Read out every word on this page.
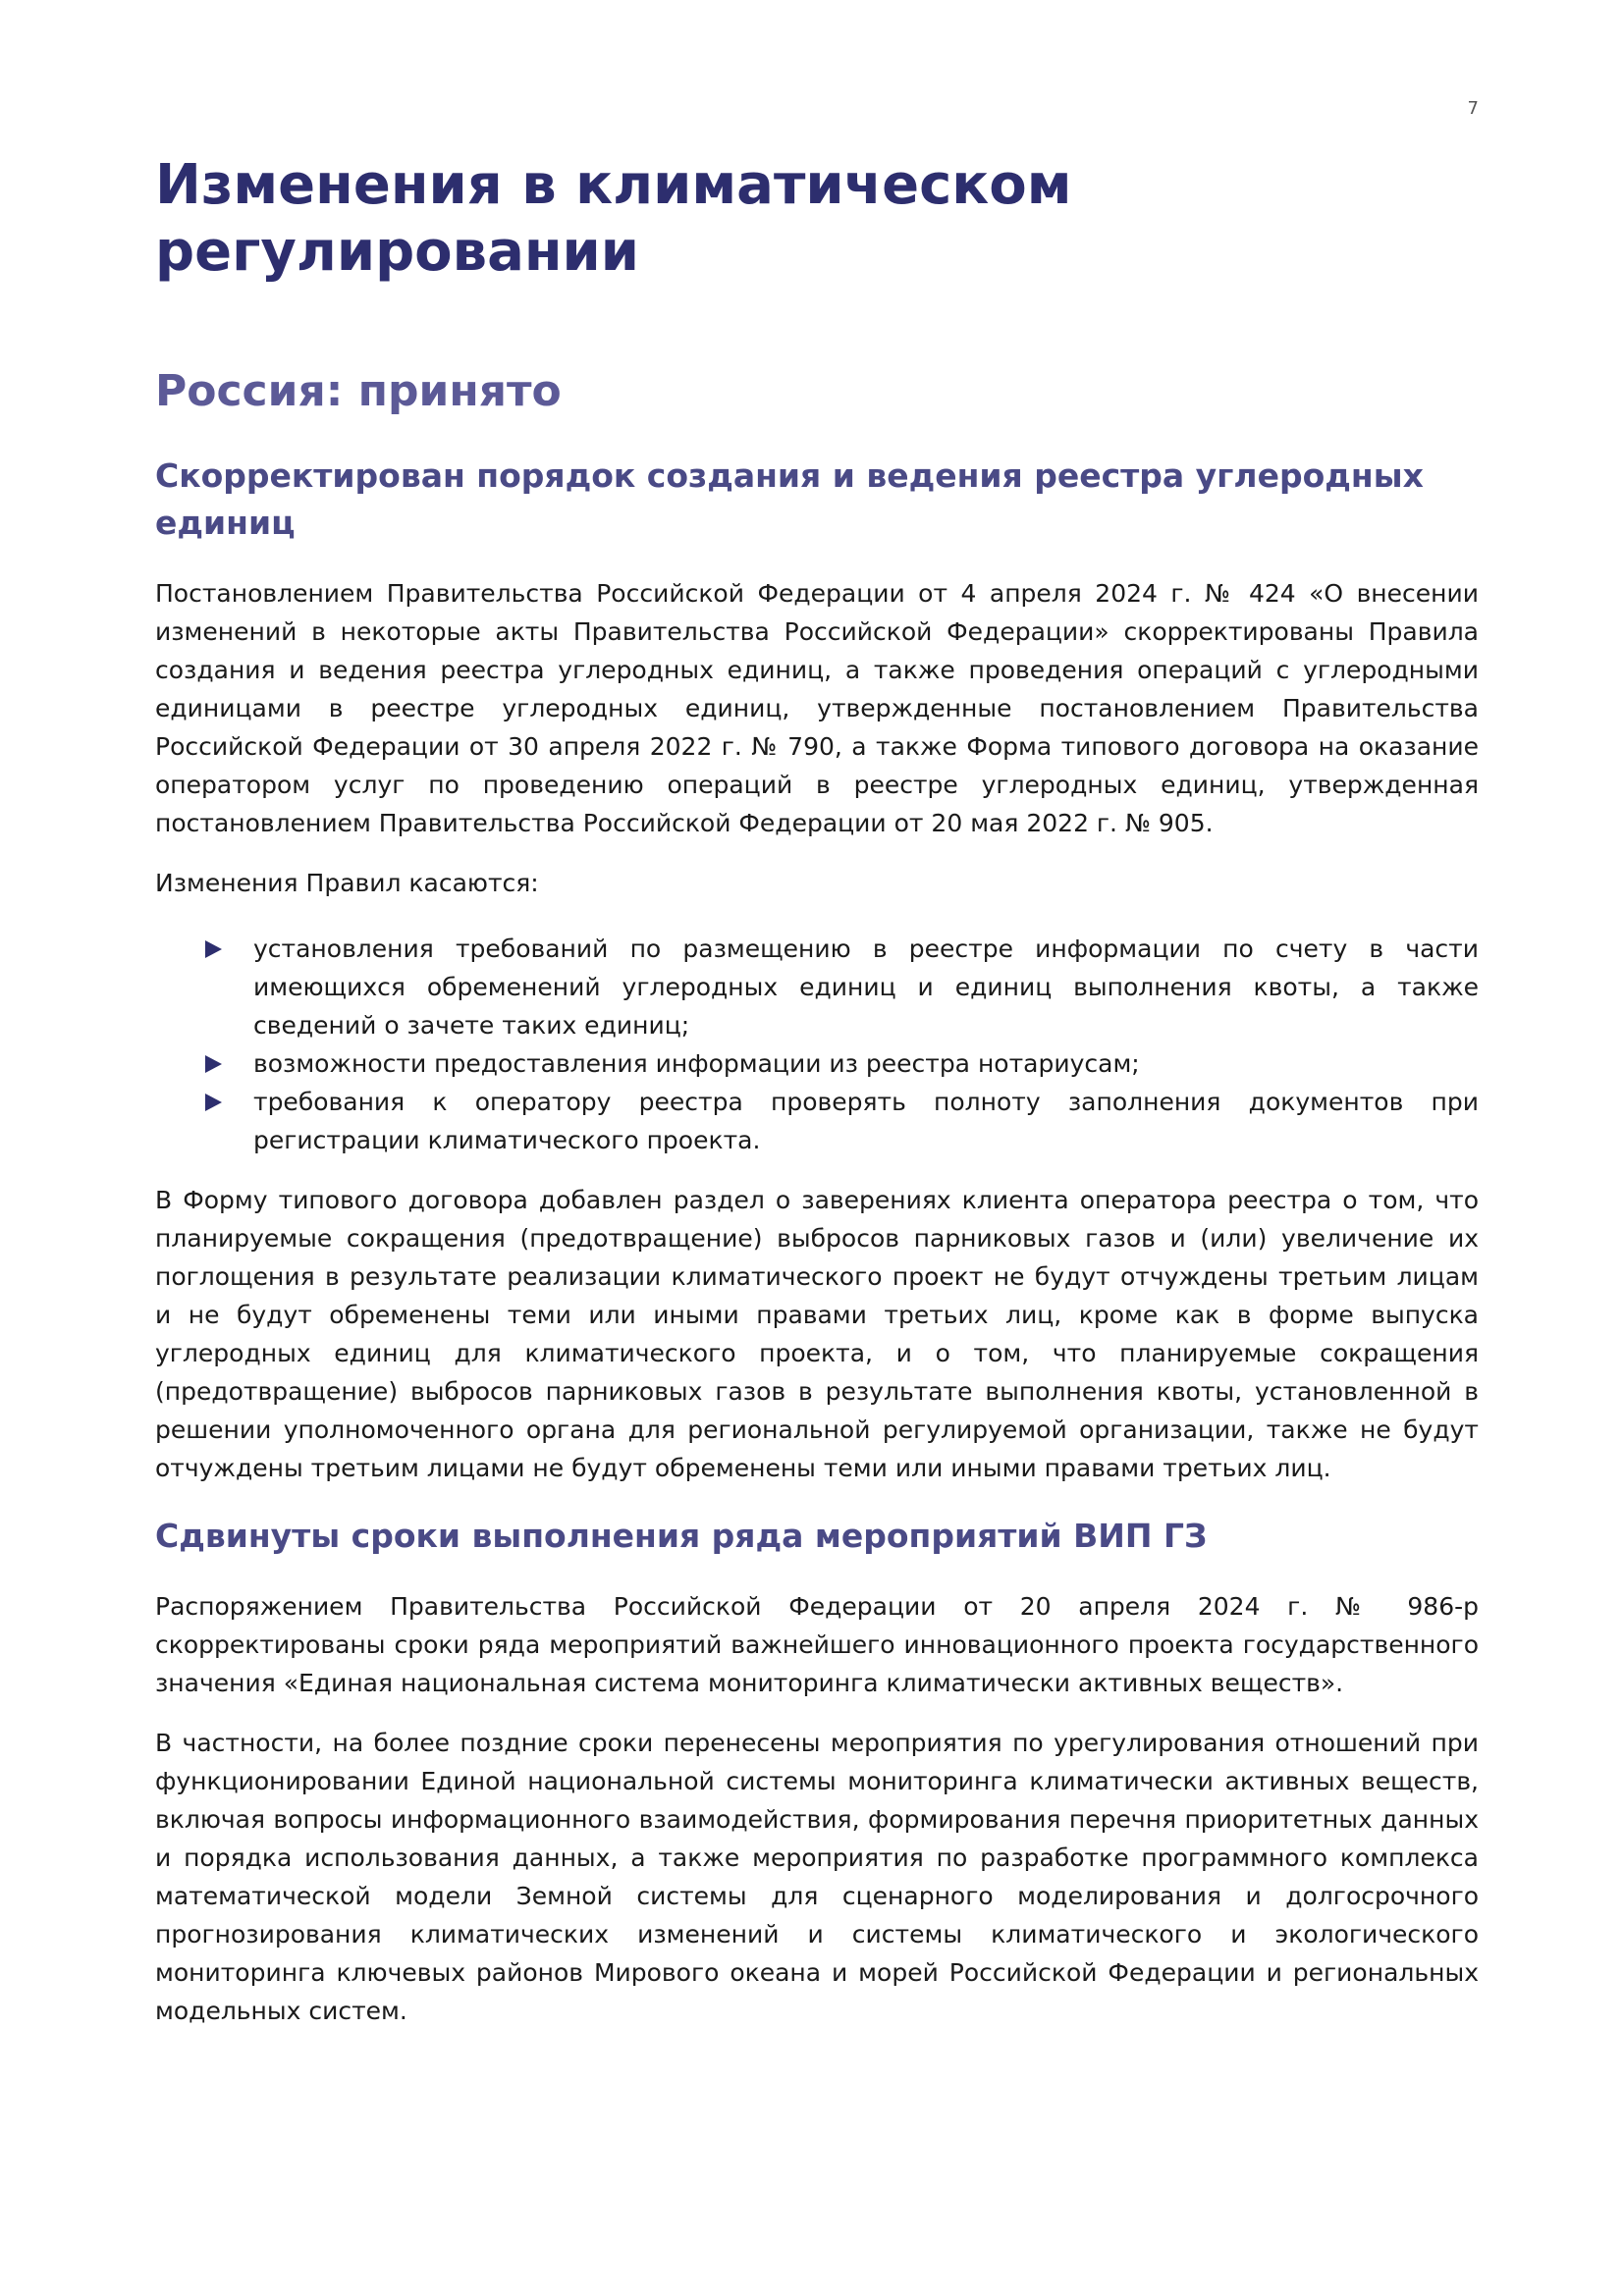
7
Изменения в климатическом регулировании
Россия: принято
Скорректирован порядок создания и ведения реестра углеродных единиц

Постановлением Правительства Российской Федерации от 4 апреля 2024 г. № 424 «О внесении изменений в некоторые акты Правительства Российской Федерации» скорректированы Правила создания и ведения реестра углеродных единиц, а также проведения операций с углеродными единицами в реестре углеродных единиц, утвержденные постановлением Правительства Российской Федерации от 30 апреля 2022 г. № 790, а также Форма типового договора на оказание оператором услуг по проведению операций в реестре углеродных единиц, утвержденная постановлением Правительства Российской Федерации от 20 мая 2022 г. № 905.

Изменения Правил касаются:

установления требований по размещению в реестре информации по счету в части имеющихся обременений углеродных единиц и единиц выполнения квоты, а также сведений о зачете таких единиц;
возможности предоставления информации из реестра нотариусам;
требования к оператору реестра проверять полноту заполнения документов при регистрации климатического проекта.

В Форму типового договора добавлен раздел о заверениях клиента оператора реестра о том, что планируемые сокращения (предотвращение) выбросов парниковых газов и (или) увеличение их поглощения в результате реализации климатического проект не будут отчуждены третьим лицам и не будут обременены теми или иными правами третьих лиц, кроме как в форме выпуска углеродных единиц для климатического проекта, и о том, что планируемые сокращения (предотвращение) выбросов парниковых газов в результате выполнения квоты, установленной в решении уполномоченного органа для региональной регулируемой организации, также не будут отчуждены третьим лицами не будут обременены теми или иными правами третьих лиц.

Сдвинуты сроки выполнения ряда мероприятий ВИП ГЗ

Распоряжением Правительства Российской Федерации от 20 апреля 2024 г. № 986-р скорректированы сроки ряда мероприятий важнейшего инновационного проекта государственного значения «Единая национальная система мониторинга климатически активных веществ».

В частности, на более поздние сроки перенесены мероприятия по урегулирования отношений при функционировании Единой национальной системы мониторинга климатически активных веществ, включая вопросы информационного взаимодействия, формирования перечня приоритетных данных и порядка использования данных, а также мероприятия по разработке программного комплекса математической модели Земной системы для сценарного моделирования и долгосрочного прогнозирования климатических изменений и системы климатического и экологического мониторинга ключевых районов Мирового океана и морей Российской Федерации и региональных модельных систем.
